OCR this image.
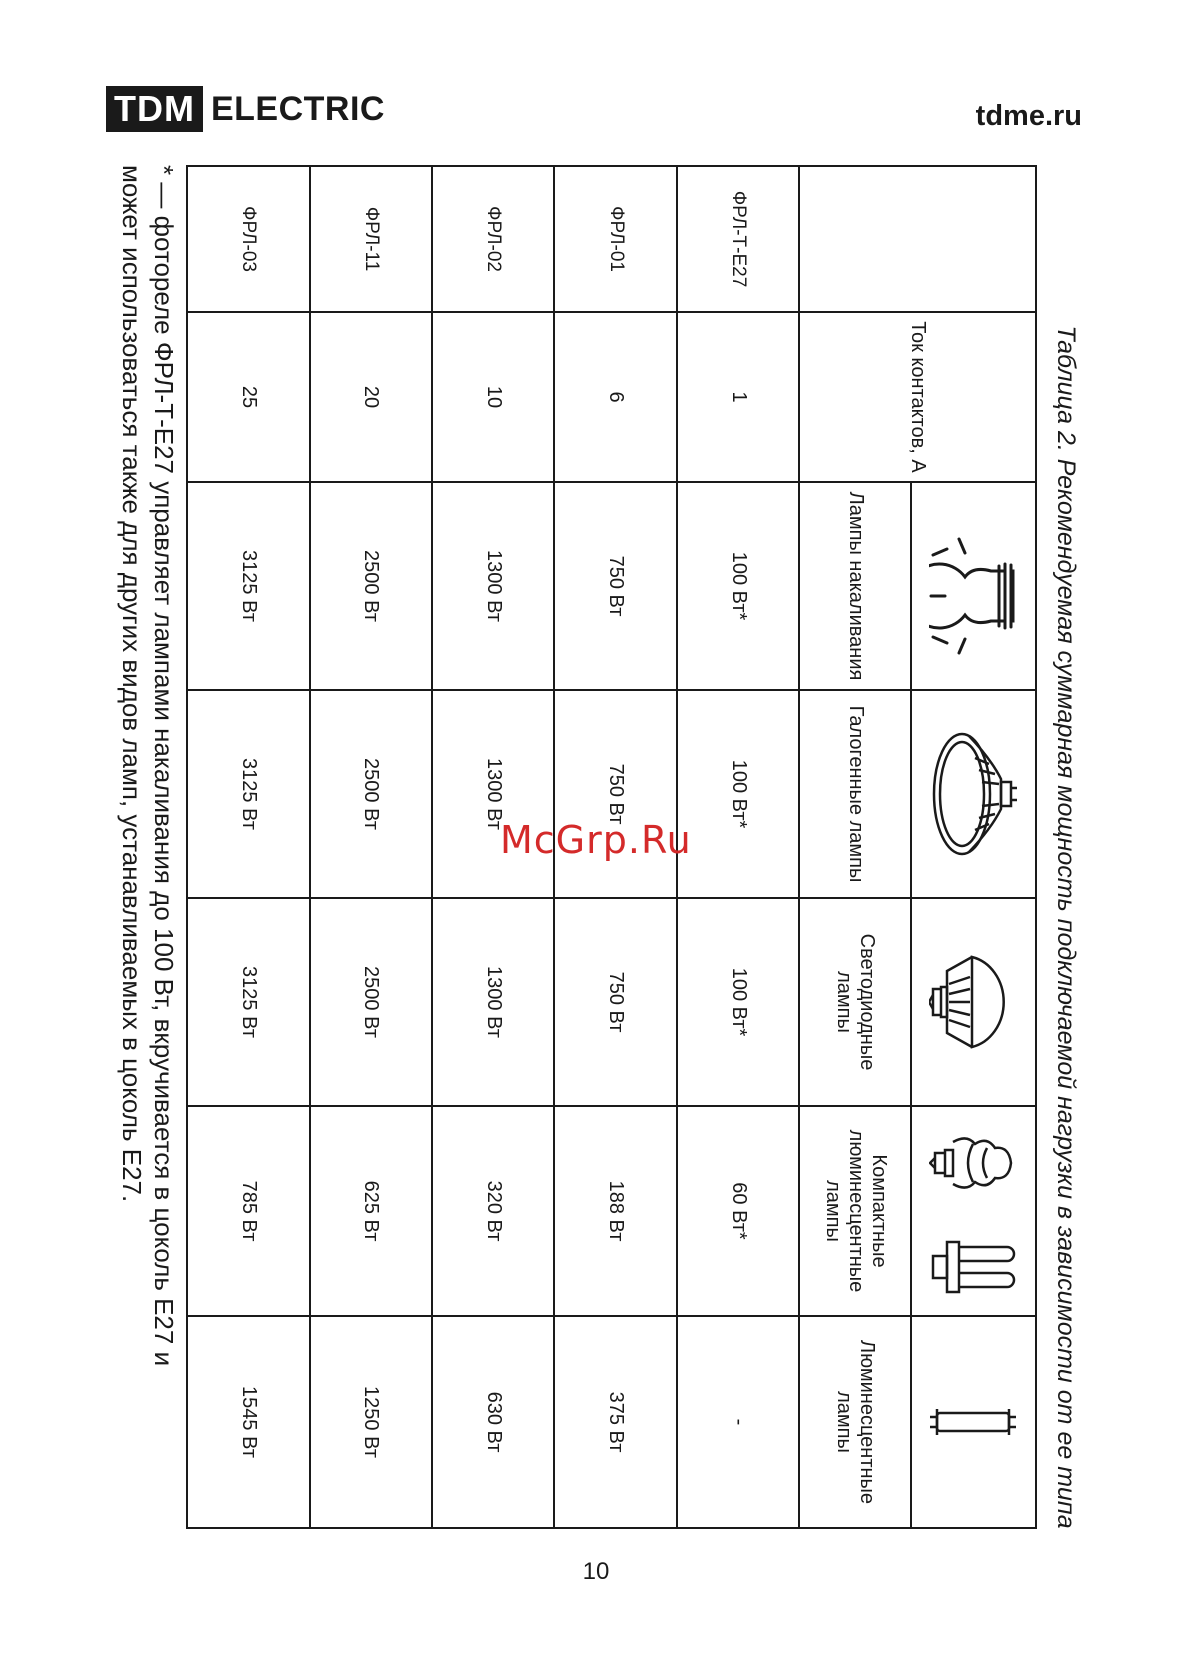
TDM ELECTRIC	tdme.ru
Таблица 2. Рекомендуемая суммарная мощность подключаемой нагрузки в зависимости от ее типа
	Ток контактов, А	

		Лампы накаливания	Галогенные лампы	Светодиодные лампы	Компактные люминесцентные лампы	Люминесцентные лампы
ФРЛ-Т-Е27	1	100 Вт*	100 Вт*	100 Вт*	60 Вт*	-
ФРЛ-01	6	750 Вт	750 Вт	750 Вт	188 Вт	375 Вт
ФРЛ-02	10	1300 Вт	1300 Вт	1300 Вт	320 Вт	630 Вт
ФРЛ-11	20	2500 Вт	2500 Вт	2500 Вт	625 Вт	1250 Вт
ФРЛ-03	25	3125 Вт	3125 Вт	3125 Вт	785 Вт	1545 Вт

* — фотореле ФРЛ-Т-Е27 управляет лампами накаливания до 100 Вт, вкручивается в цоколь Е27 и

может использоваться также для других видов ламп, устанавливаемых в цоколь Е27.	McGrp.Ru
10
